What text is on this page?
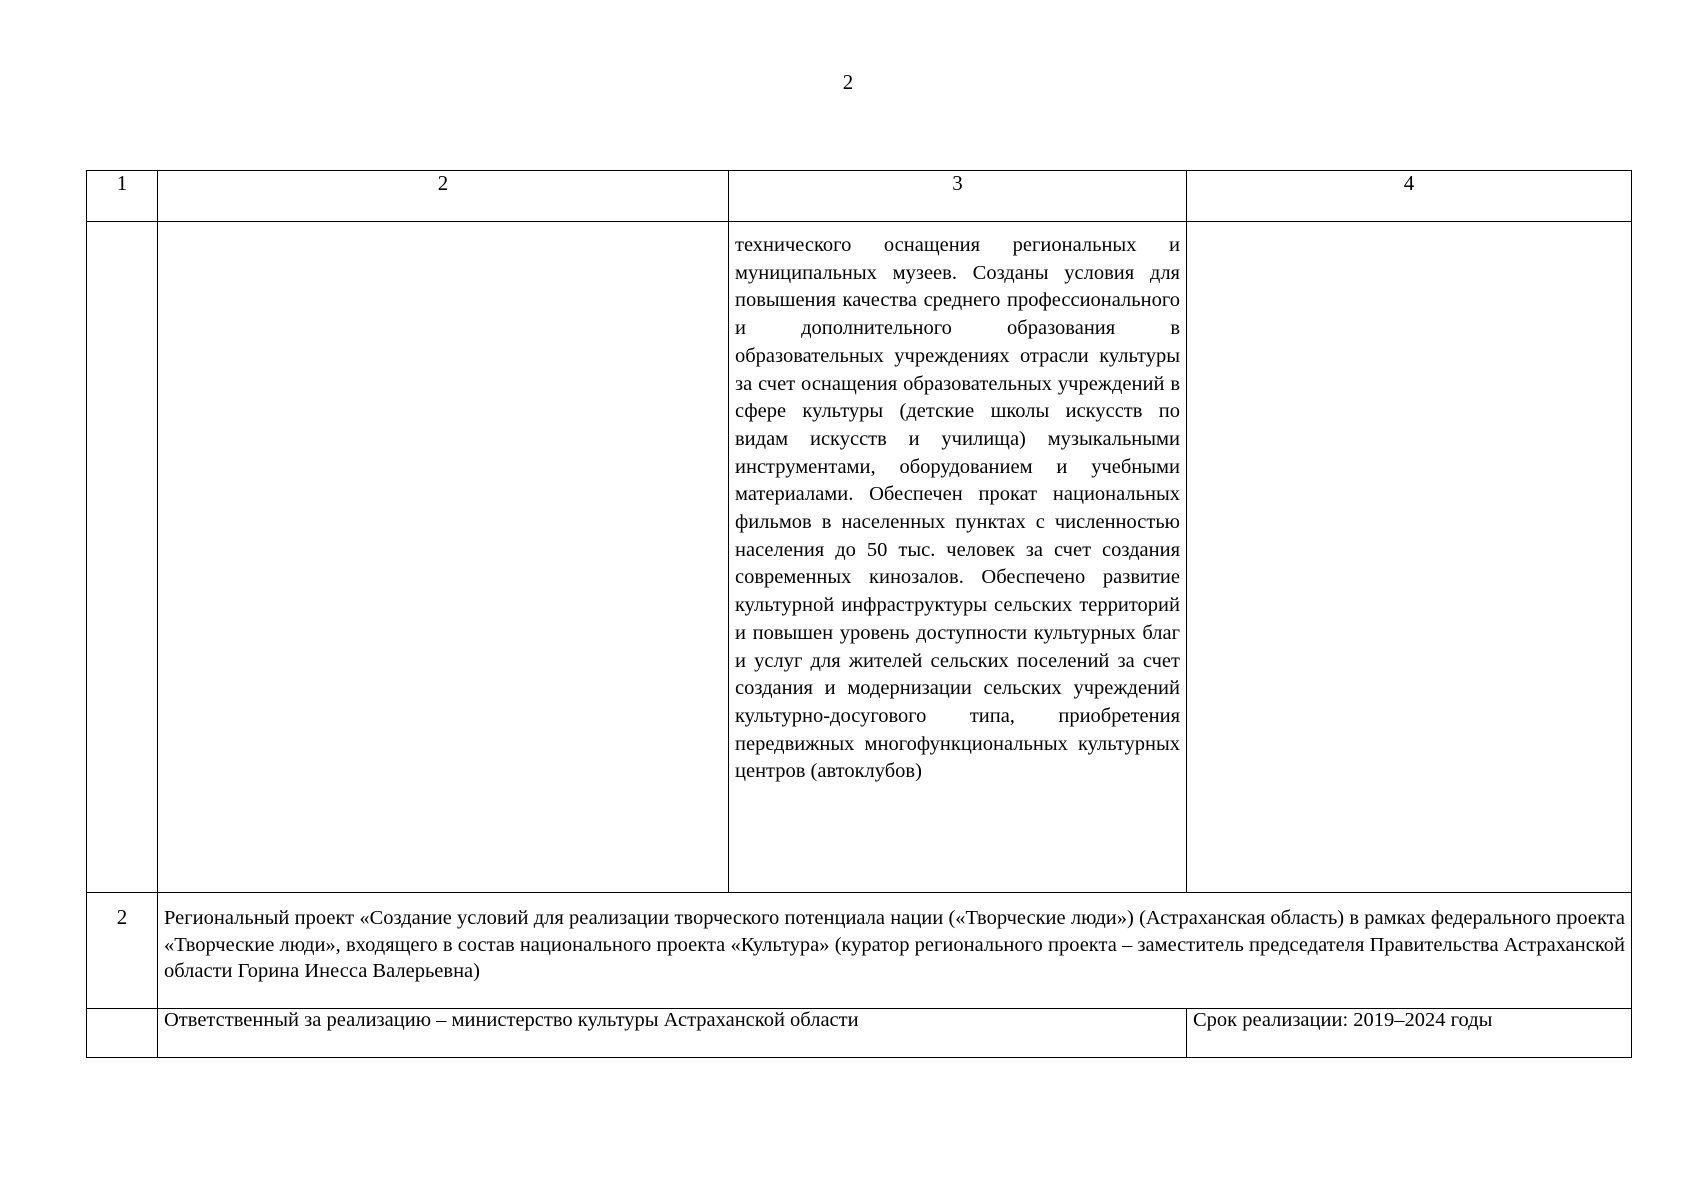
2
1	2	3	4
		технического оснащения региональных и муниципальных музеев. Созданы условия для повышения качества среднего профессионального и дополнительного образования в образовательных учреждениях отрасли культуры за счет оснащения образовательных учреждений в сфере культуры (детские школы искусств по видам искусств и училища) музыкальными инструментами, оборудованием и учебными материалами. Обеспечен прокат национальных фильмов в населенных пунктах с численностью населения до 50 тыс. человек за счет создания современных кинозалов. Обеспечено развитие культурной инфраструктуры сельских территорий и повышен уровень доступности культурных благ и услуг для жителей сельских поселений за счет создания и модернизации сельских учреждений культурно-досугового типа, приобретения передвижных многофункциональных культурных центров (автоклубов)	
2	Региональный проект «Создание условий для реализации творческого потенциала нации («Творческие люди») (Астраханская область) в рамках федерального проекта «Творческие люди», входящего в состав национального проекта «Культура» (куратор регионального проекта – заместитель председателя Правительства Астраханской области Горина Инесса Валерьевна)		
	Ответственный за реализацию – министерство культуры Астраханской области		Срок реализации: 2019–2024 годы
